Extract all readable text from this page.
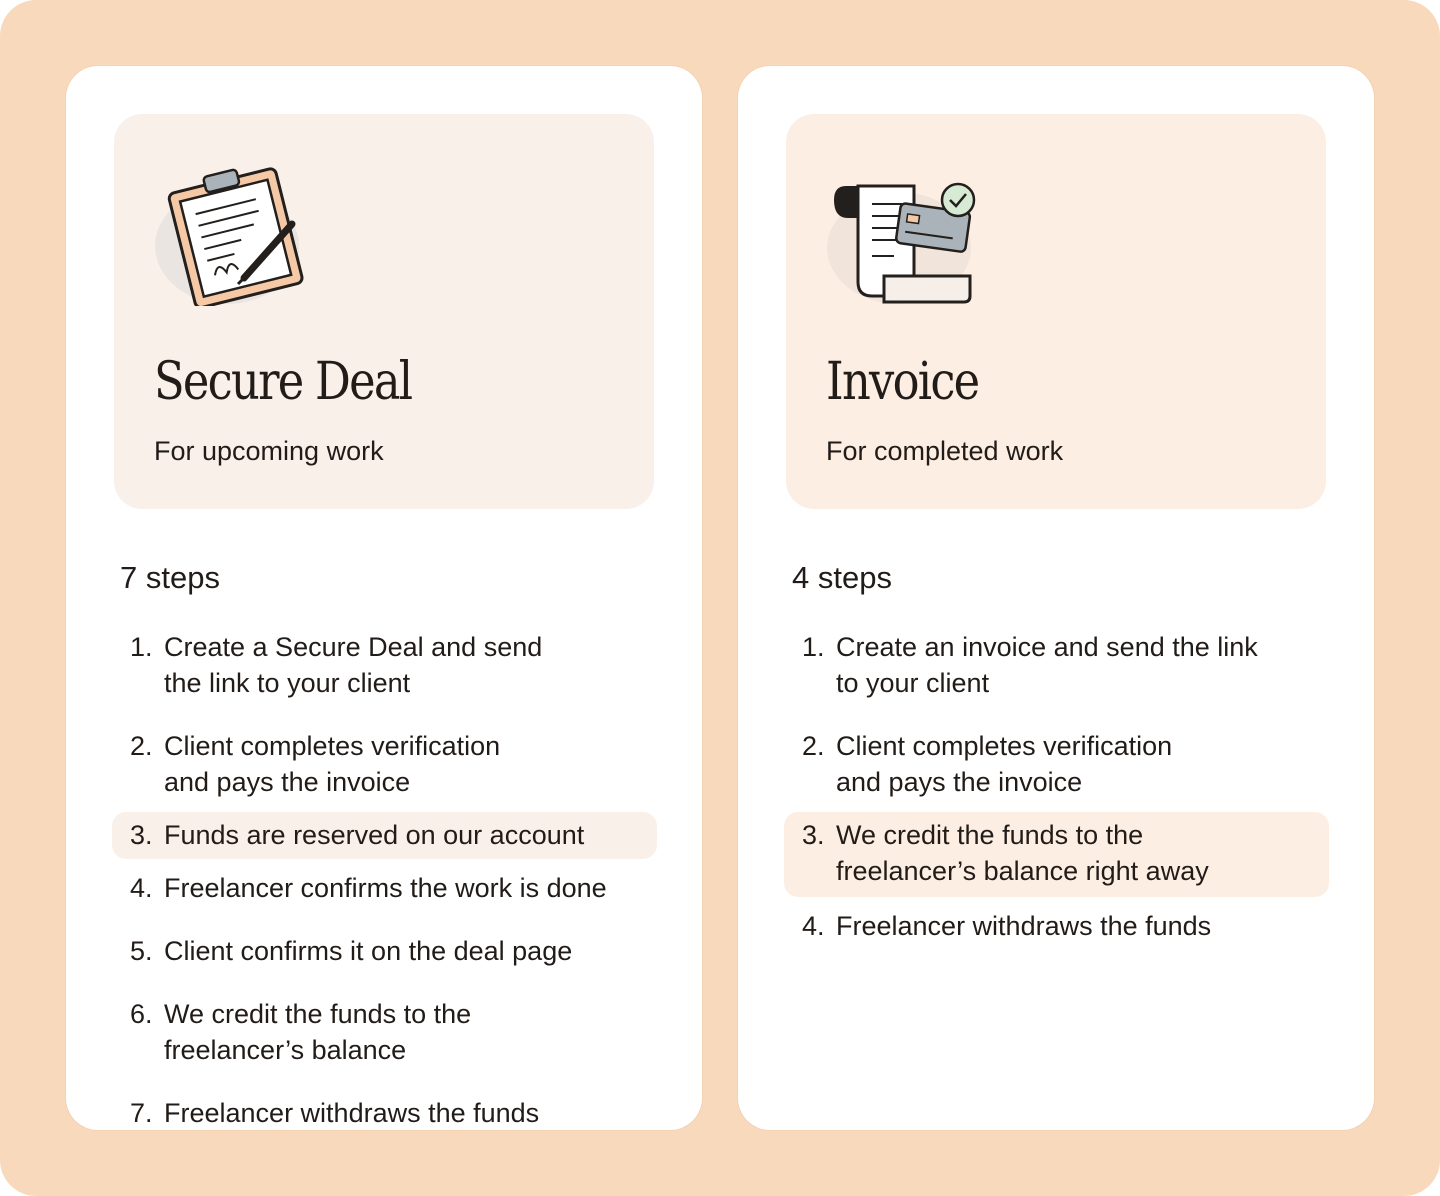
Secure Deal

For upcoming work

7 steps
1. Create a Secure Deal and send
the link to your client
2. Client completes verification
and pays the invoice
3. Funds are reserved on our account
4. Freelancer confirms the work is done
5. Client confirms it on the deal page
6. We credit the funds to the
freelancer’s balance
7. Freelancer withdraws the funds
Invoice

For completed work

4 steps
1. Create an invoice and send the link
to your client
2. Client completes verification
and pays the invoice
3. We credit the funds to the
freelancer’s balance right away
4. Freelancer withdraws the funds
